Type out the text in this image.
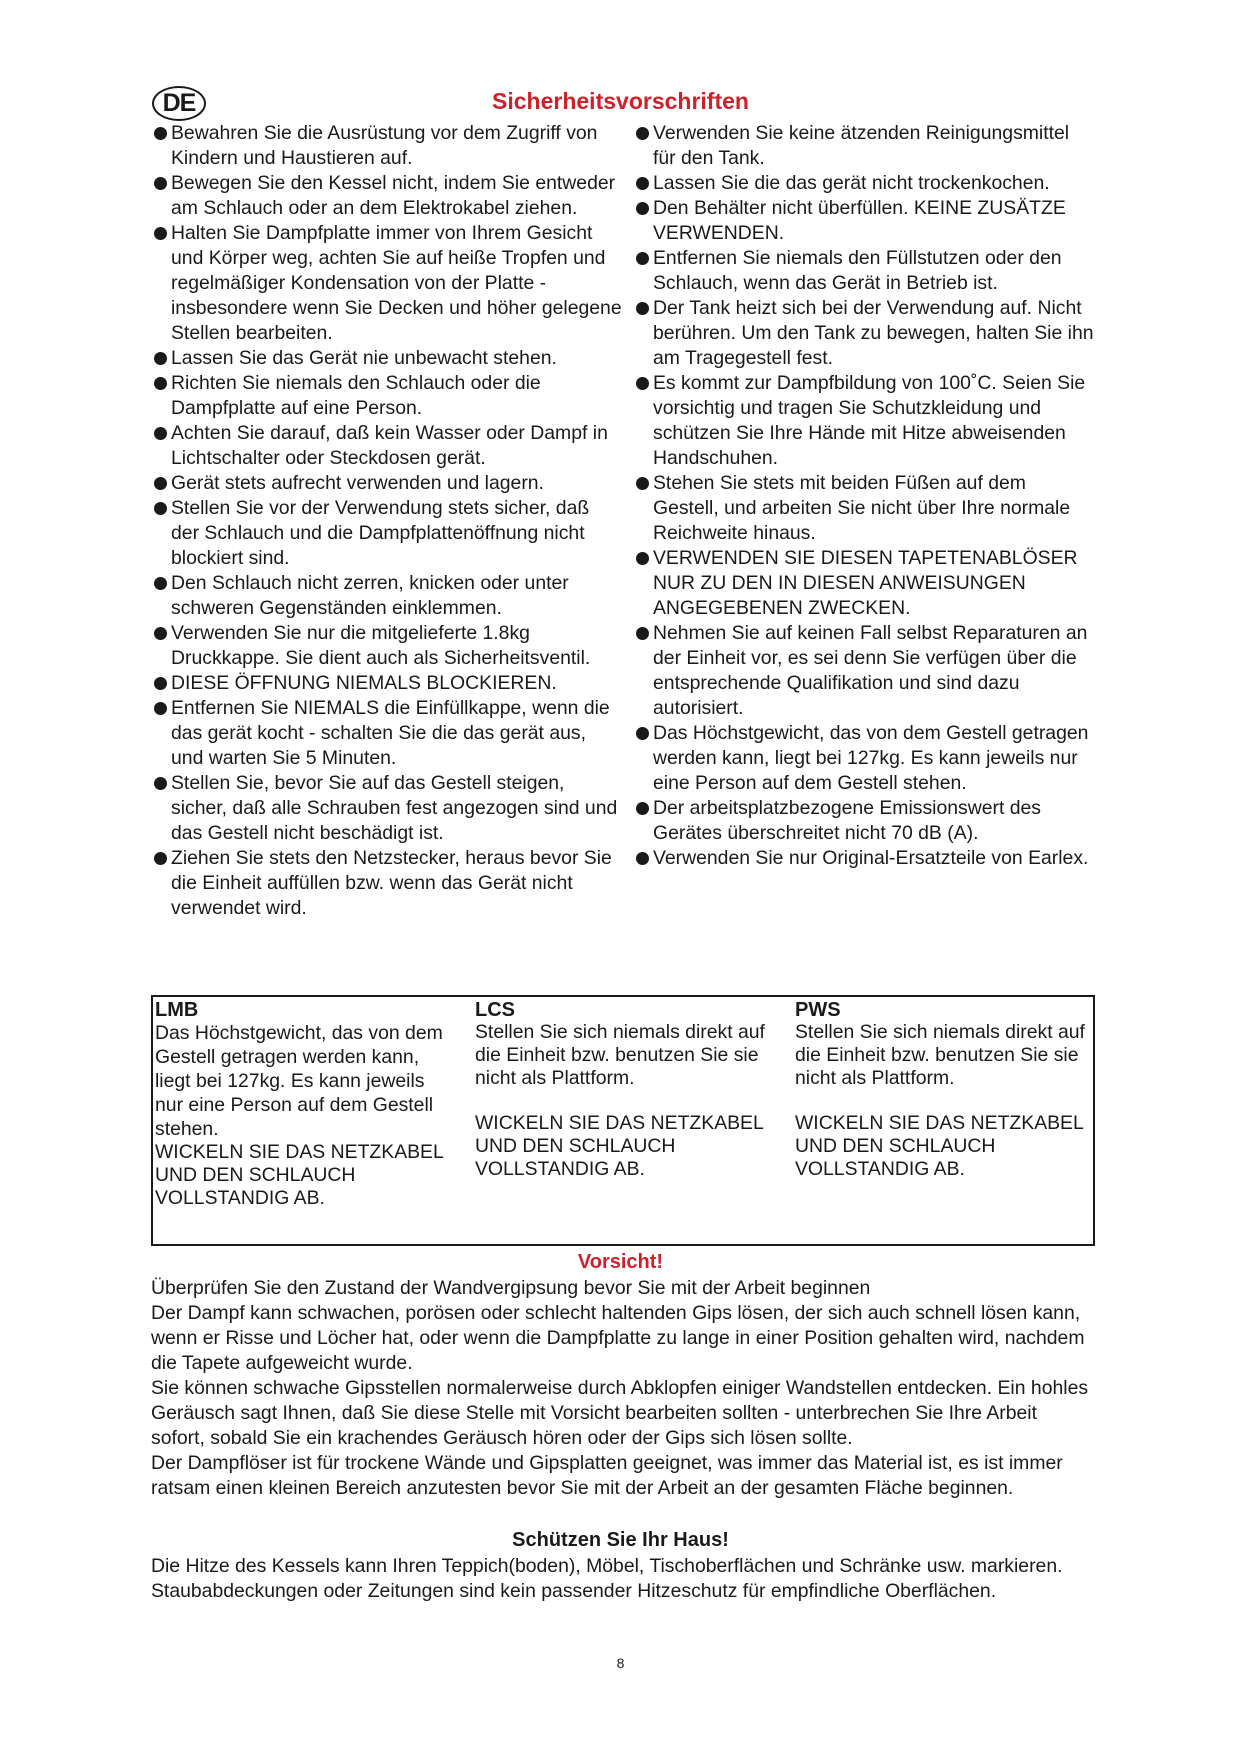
DE	Sicherheitsvorschriften
Bewahren Sie die Ausrüstung vor dem Zugriff von Kindern und Haustieren auf.
Bewegen Sie den Kessel nicht, indem Sie entweder am Schlauch oder an dem Elektrokabel ziehen.
Halten Sie Dampfplatte immer von Ihrem Gesicht und Körper weg, achten Sie auf heiße Tropfen und regelmäßiger Kondensation von der Platte - insbesondere wenn Sie Decken und höher gelegene Stellen bearbeiten.
Lassen Sie das Gerät nie unbewacht stehen.
Richten Sie niemals den Schlauch oder die Dampfplatte auf eine Person.
Achten Sie darauf, daß kein Wasser oder Dampf in Lichtschalter oder Steckdosen gerät.
Gerät stets aufrecht verwenden und lagern.
Stellen Sie vor der Verwendung stets sicher, daß der Schlauch und die Dampfplattenöffnung nicht blockiert sind.
Den Schlauch nicht zerren, knicken oder unter schweren Gegenständen einklemmen.
Verwenden Sie nur die mitgelieferte 1.8kg Druckkappe. Sie dient auch als Sicherheitsventil.
DIESE ÖFFNUNG NIEMALS BLOCKIEREN.
Entfernen Sie NIEMALS die Einfüllkappe, wenn die das gerät kocht - schalten Sie die das gerät aus, und warten Sie 5 Minuten.
Stellen Sie, bevor Sie auf das Gestell steigen, sicher, daß alle Schrauben fest angezogen sind und das Gestell nicht beschädigt ist.
Ziehen Sie stets den Netzstecker, heraus bevor Sie die Einheit auffüllen bzw. wenn das Gerät nicht verwendet wird.
Verwenden Sie keine ätzenden Reinigungsmittel für den Tank.
Lassen Sie die das gerät nicht trockenkochen.
Den Behälter nicht überfüllen. KEINE ZUSÄTZE VERWENDEN.
Entfernen Sie niemals den Füllstutzen oder den Schlauch, wenn das Gerät in Betrieb ist.
Der Tank heizt sich bei der Verwendung auf. Nicht berühren. Um den Tank zu bewegen, halten Sie ihn am Tragegestell fest.
Es kommt zur Dampfbildung von 100˚C. Seien Sie vorsichtig und tragen Sie Schutzkleidung und schützen Sie Ihre Hände mit Hitze abweisenden Handschuhen.
Stehen Sie stets mit beiden Füßen auf dem Gestell, und arbeiten Sie nicht über Ihre normale Reichweite hinaus.
VERWENDEN SIE DIESEN TAPETENABLÖSER NUR ZU DEN IN DIESEN ANWEISUNGEN ANGEGEBENEN ZWECKEN.
Nehmen Sie auf keinen Fall selbst Reparaturen an der Einheit vor, es sei denn Sie verfügen über die entsprechende Qualifikation und sind dazu autorisiert.
Das Höchstgewicht, das von dem Gestell getragen werden kann, liegt bei 127kg. Es kann jeweils nur eine Person auf dem Gestell stehen.
Der arbeitsplatzbezogene Emissionswert des Gerätes überschreitet nicht 70 dB (A).
Verwenden Sie nur Original-Ersatzteile von Earlex.
LMB

Das Höchstgewicht, das von dem Gestell getragen werden kann, liegt bei 127kg. Es kann jeweils nur eine Person auf dem Gestell stehen.

WICKELN SIE DAS NETZKABEL UND DEN SCHLAUCH VOLLSTANDIG AB.

LCS

Stellen Sie sich niemals direkt auf die Einheit bzw. benutzen Sie sie nicht als Plattform.

WICKELN SIE DAS NETZKABEL UND DEN SCHLAUCH VOLLSTANDIG AB.

PWS

Stellen Sie sich niemals direkt auf die Einheit bzw. benutzen Sie sie nicht als Plattform.

WICKELN SIE DAS NETZKABEL UND DEN SCHLAUCH VOLLSTANDIG AB.

Vorsicht!

Überprüfen Sie den Zustand der Wandvergipsung bevor Sie mit der Arbeit beginnen

Der Dampf kann schwachen, porösen oder schlecht haltenden Gips lösen, der sich auch schnell lösen kann, wenn er Risse und Löcher hat, oder wenn die Dampfplatte zu lange in einer Position gehalten wird, nachdem die Tapete aufgeweicht wurde.

Sie können schwache Gipsstellen normalerweise durch Abklopfen einiger Wandstellen entdecken. Ein hohles Geräusch sagt Ihnen, daß Sie diese Stelle mit Vorsicht bearbeiten sollten - unterbrechen Sie Ihre Arbeit sofort, sobald Sie ein krachendes Geräusch hören oder der Gips sich lösen sollte.

Der Dampflöser ist für trockene Wände und Gipsplatten geeignet, was immer das Material ist, es ist immer ratsam einen kleinen Bereich anzutesten bevor Sie mit der Arbeit an der gesamten Fläche beginnen.

Schützen Sie Ihr Haus!

Die Hitze des Kessels kann Ihren Teppich(boden), Möbel, Tischoberflächen und Schränke usw. markieren.

Staubabdeckungen oder Zeitungen sind kein passender Hitzeschutz für empfindliche Oberflächen.

8
